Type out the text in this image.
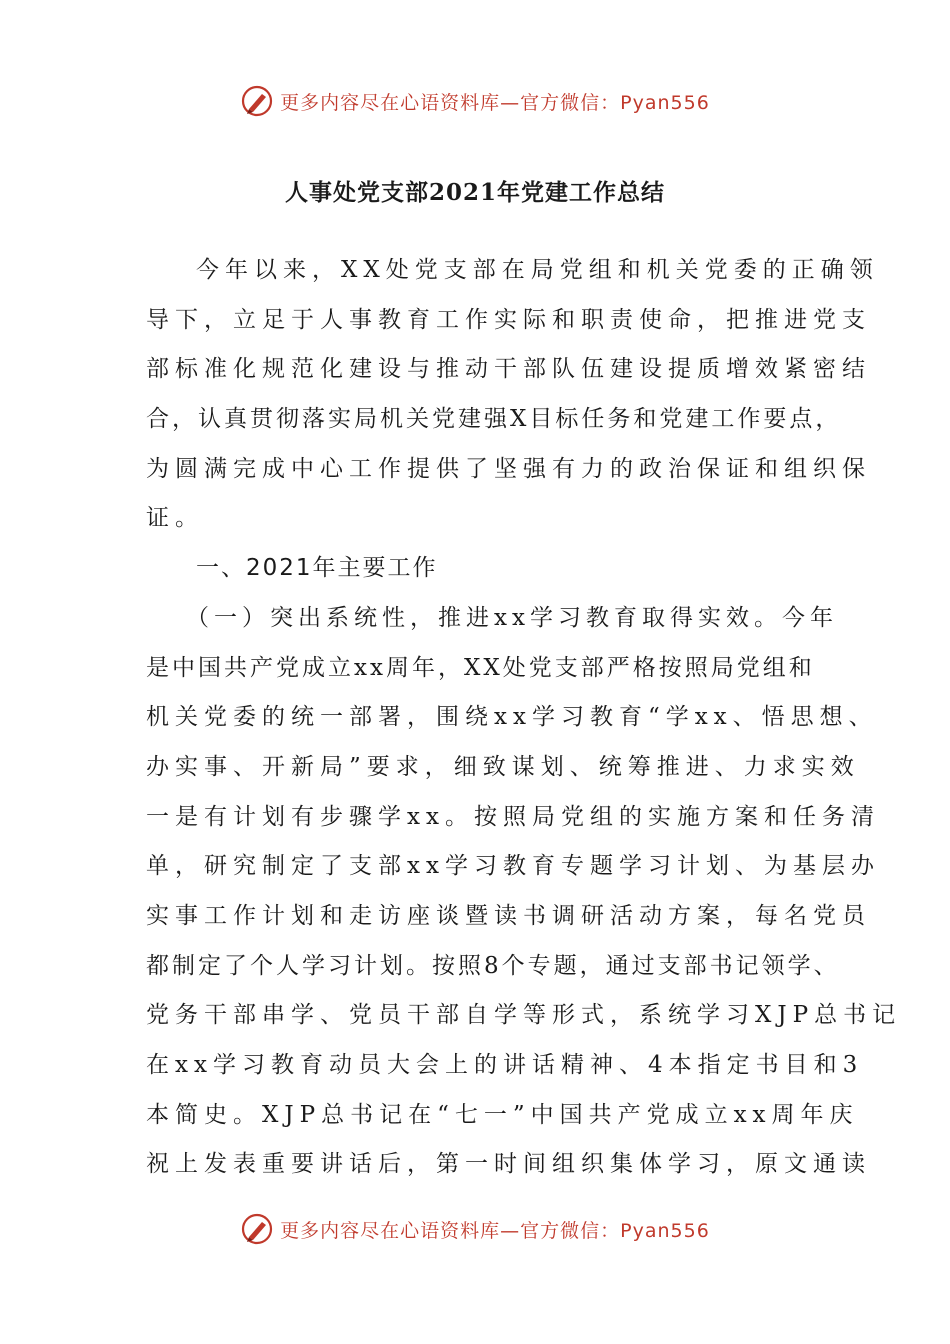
更多内容尽在心语资料库—官方微信：Pyan556
人事处党支部2021年党建工作总结
今年以来，XX处党支部在局党组和机关党委的正确领
导下，立足于人事教育工作实际和职责使命，把推进党支
部标准化规范化建设与推动干部队伍建设提质增效紧密结
合，认真贯彻落实局机关党建强X目标任务和党建工作要点，
为圆满完成中心工作提供了坚强有力的政治保证和组织保
证。
一、2021年主要工作
（一）突出系统性，推进xx学习教育取得实效。今年
是中国共产党成立xx周年，XX处党支部严格按照局党组和
机关党委的统一部署，围绕xx学习教育“学xx、悟思想、
办实事、开新局”要求，细致谋划、统筹推进、力求实效
一是有计划有步骤学xx。按照局党组的实施方案和任务清
单，研究制定了支部xx学习教育专题学习计划、为基层办
实事工作计划和走访座谈暨读书调研活动方案，每名党员
都制定了个人学习计划。按照8个专题，通过支部书记领学、
党务干部串学、党员干部自学等形式，系统学习XJP总书记
在xx学习教育动员大会上的讲话精神、4本指定书目和3
本简史。XJP总书记在“七一”中国共产党成立xx周年庆
祝上发表重要讲话后，第一时间组织集体学习，原文通读
更多内容尽在心语资料库—官方微信：Pyan556
